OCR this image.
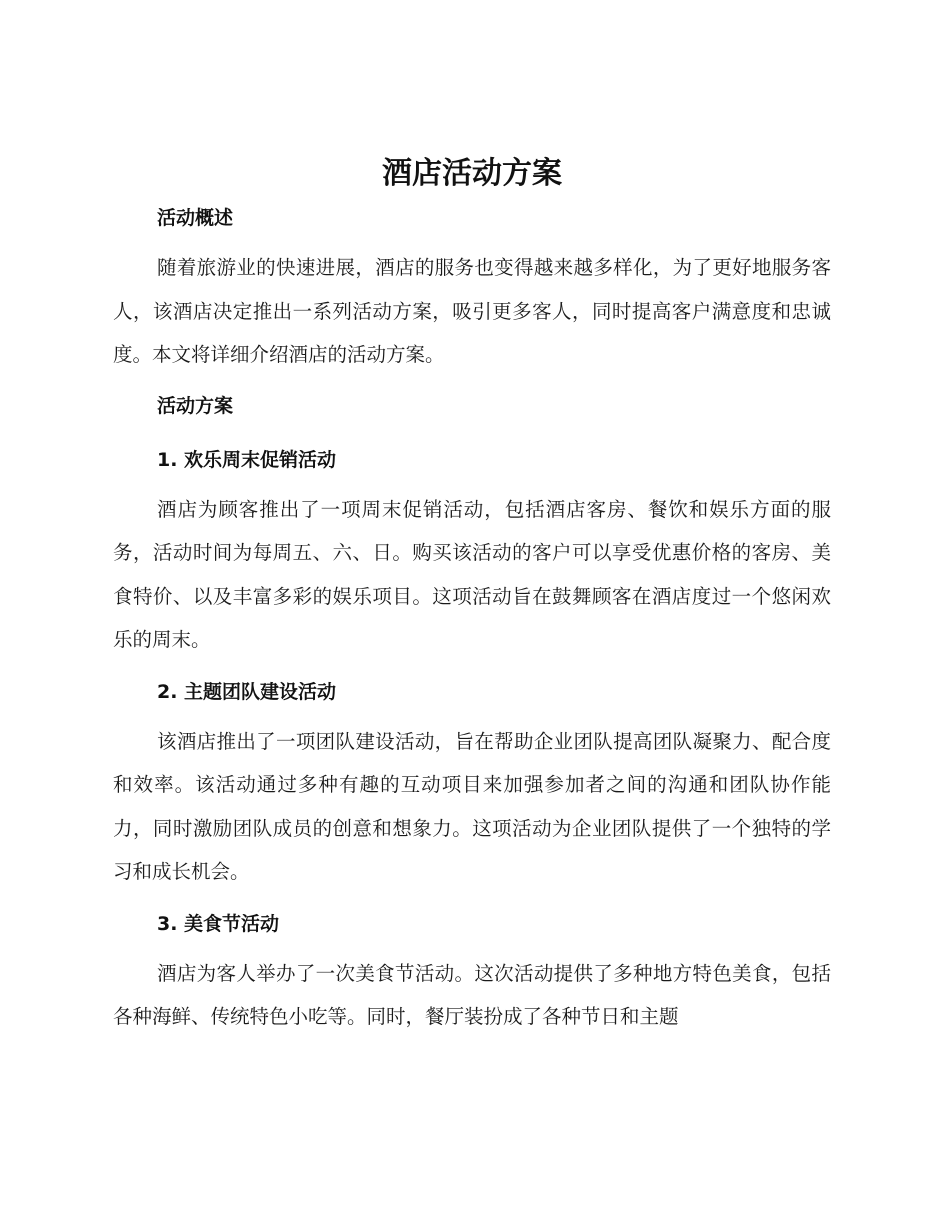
酒店活动方案
活动概述

随着旅游业的快速进展，酒店的服务也变得越来越多样化，为了更好地服务客人，该酒店决定推出一系列活动方案，吸引更多客人，同时提高客户满意度和忠诚度。本文将详细介绍酒店的活动方案。

活动方案
1. 欢乐周末促销活动

酒店为顾客推出了一项周末促销活动，包括酒店客房、餐饮和娱乐方面的服务，活动时间为每周五、六、日。购买该活动的客户可以享受优惠价格的客房、美食特价、以及丰富多彩的娱乐项目。这项活动旨在鼓舞顾客在酒店度过一个悠闲欢乐的周末。

2. 主题团队建设活动

该酒店推出了一项团队建设活动，旨在帮助企业团队提高团队凝聚力、配合度和效率。该活动通过多种有趣的互动项目来加强参加者之间的沟通和团队协作能力，同时激励团队成员的创意和想象力。这项活动为企业团队提供了一个独特的学习和成长机会。

3. 美食节活动

酒店为客人举办了一次美食节活动。这次活动提供了多种地方特色美食，包括各种海鲜、传统特色小吃等。同时，餐厅装扮成了各种节日和主题
